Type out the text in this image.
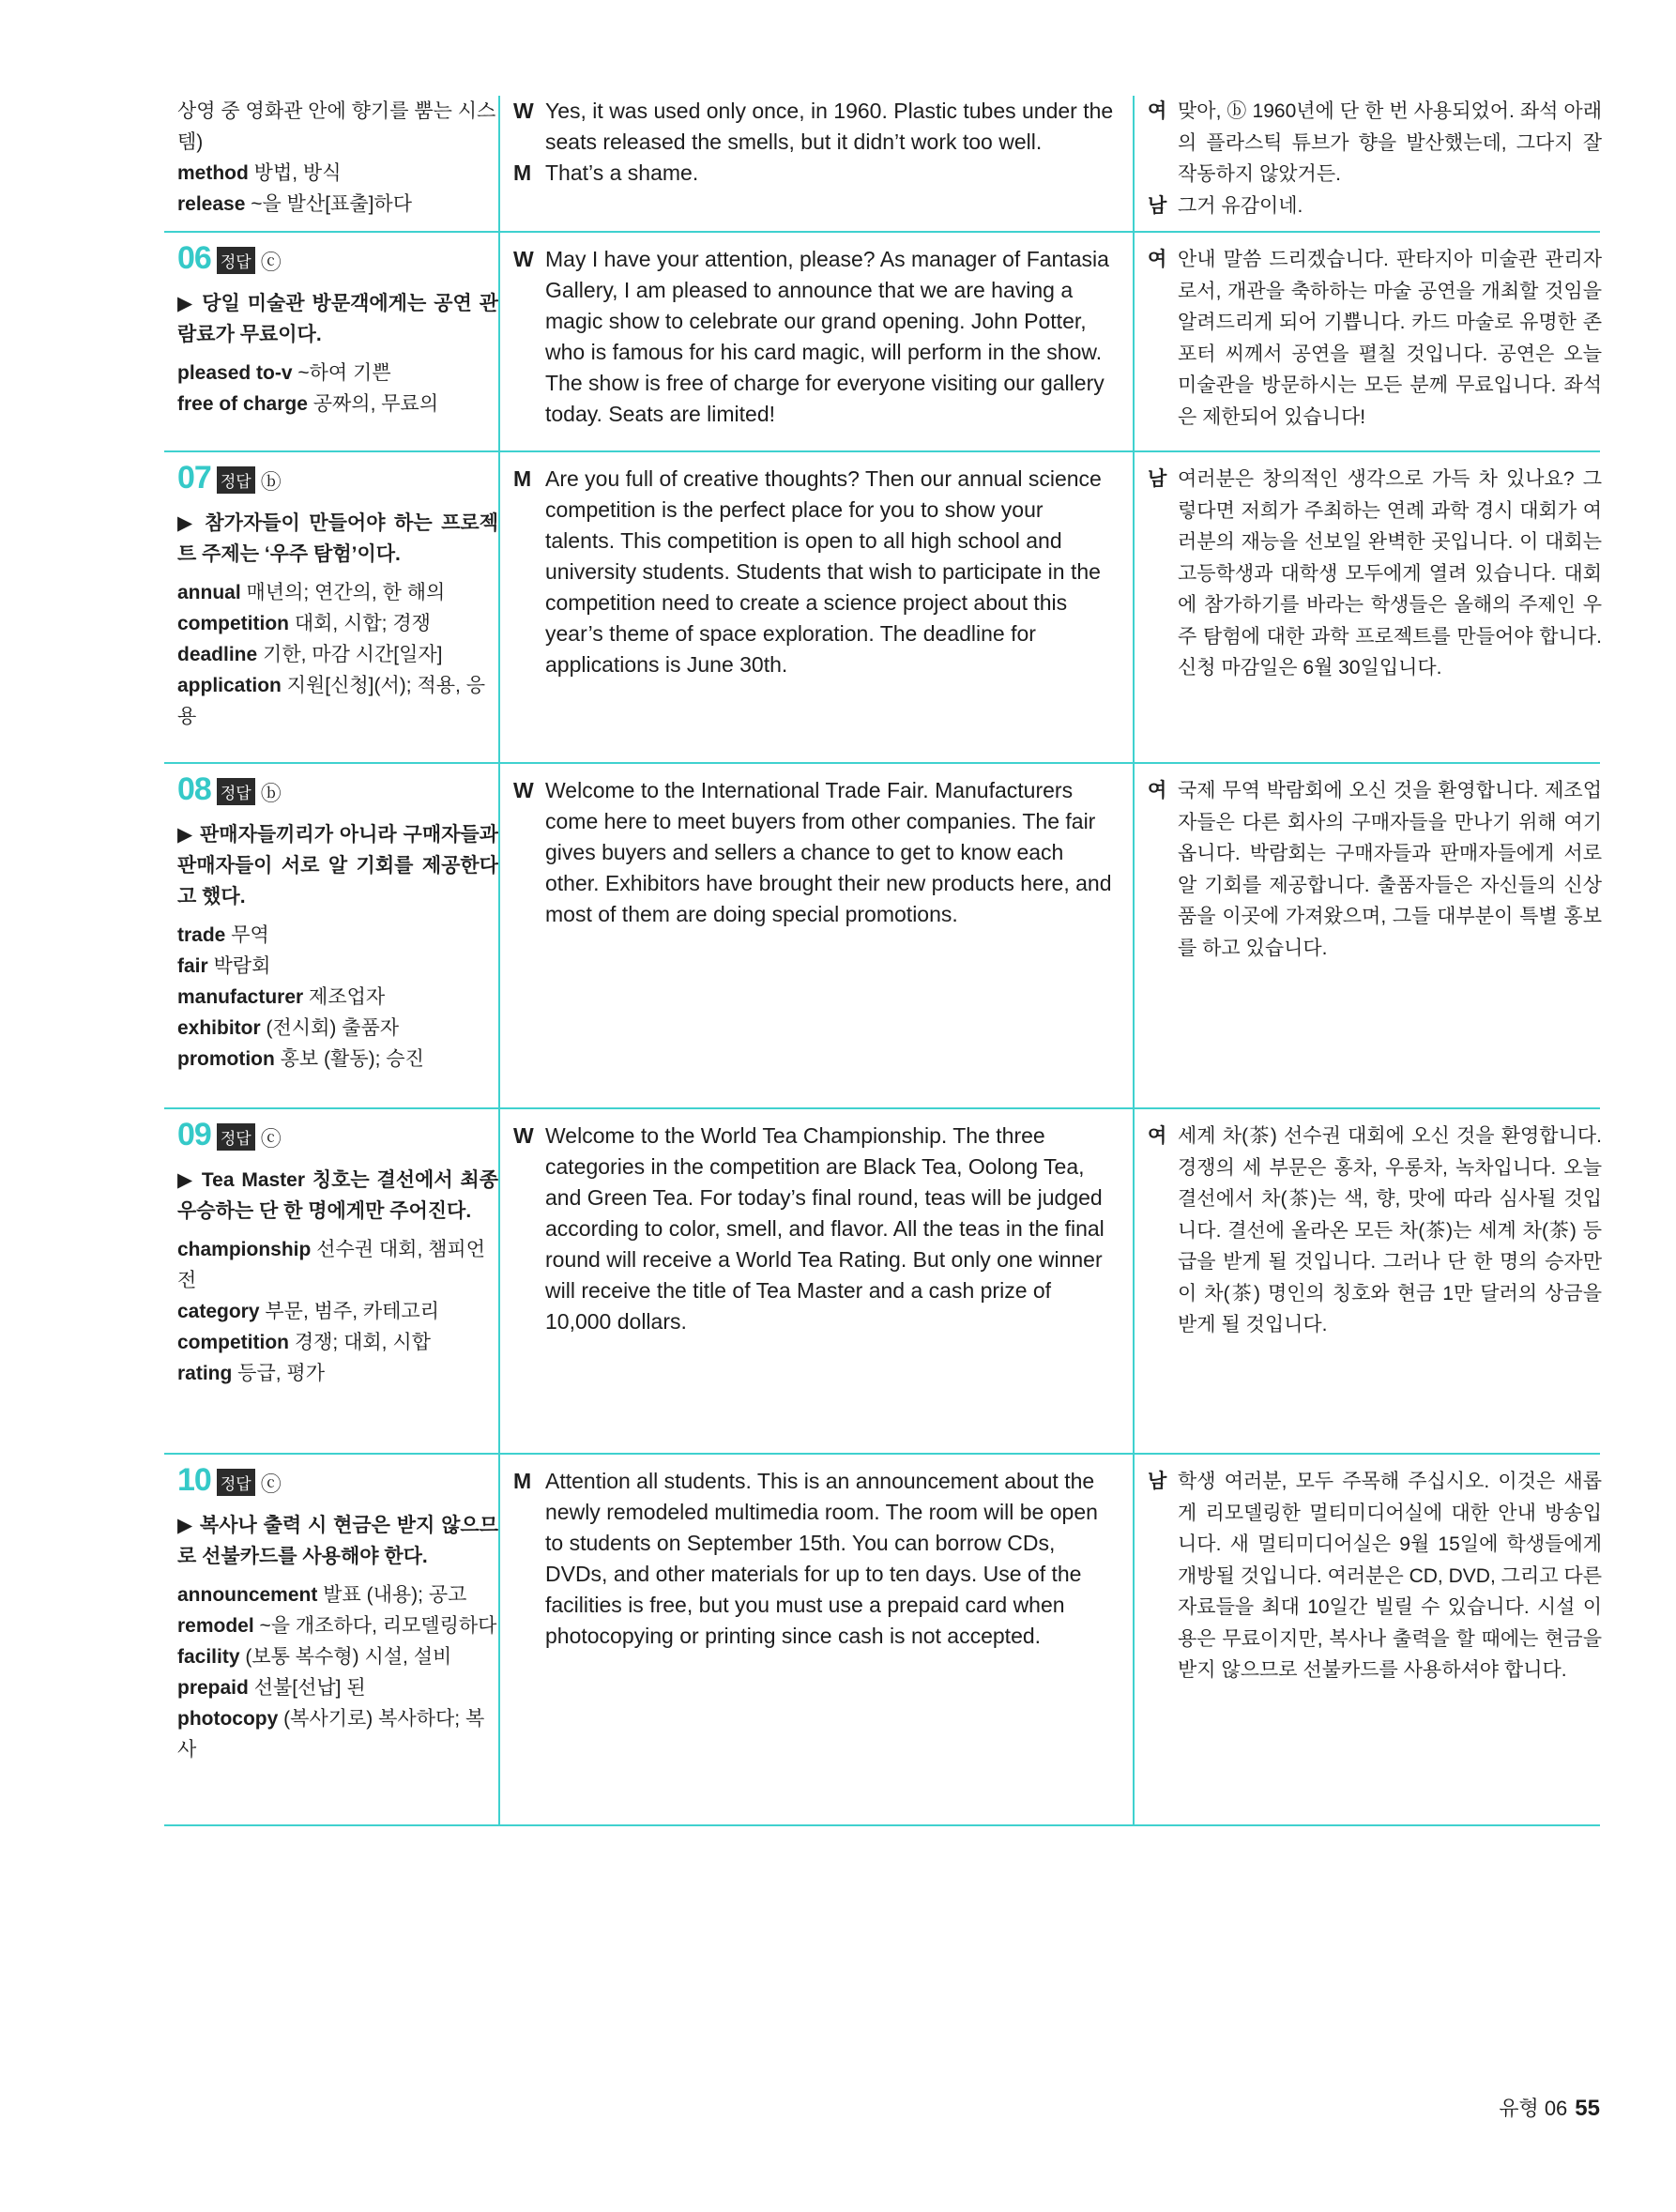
상영 중 영화관 안에 향기를 뿜는 시스템)
method 방법, 방식
release ~을 발산[표출]하다
W Yes, it was used only once, in 1960. Plastic tubes under the seats released the smells, but it didn’t work too well.
M That’s a shame.
여 맞아, ⓑ 1960년에 단 한 번 사용되었어. 좌석 아래의 플라스틱 튜브가 향을 발산했는데, 그다지 잘 작동하지 않았거든.
남 그거 유감이네.
06 정답 ⓒ
▶ 당일 미술관 방문객에게는 공연 관람료가 무료이다.
pleased to-v ~하여 기쁜
free of charge 공짜의, 무료의
W May I have your attention, please? As manager of Fantasia Gallery, I am pleased to announce that we are having a magic show to celebrate our grand opening. John Potter, who is famous for his card magic, will perform in the show. The show is free of charge for everyone visiting our gallery today. Seats are limited!
여 안내 말씀 드리겠습니다. 판타지아 미술관 관리자로서, 개관을 축하하는 마술 공연을 개최할 것임을 알려드리게 되어 기쁩니다. 카드 마술로 유명한 존 포터 씨께서 공연을 펼칠 것입니다. 공연은 오늘 미술관을 방문하시는 모든 분께 무료입니다. 좌석은 제한되어 있습니다!
07 정답 ⓑ
▶ 참가자들이 만들어야 하는 프로젝트 주제는 ‘우주 탐험’이다.
annual 매년의; 연간의, 한 해의
competition 대회, 시합; 경쟁
deadline 기한, 마감 시간[일자]
application 지원[신청](서); 적용, 응용
M Are you full of creative thoughts? Then our annual science competition is the perfect place for you to show your talents. This competition is open to all high school and university students. Students that wish to participate in the competition need to create a science project about this year’s theme of space exploration. The deadline for applications is June 30th.
남 여러분은 창의적인 생각으로 가득 차 있나요? 그렇다면 저희가 주최하는 연례 과학 경시 대회가 여러분의 재능을 선보일 완벽한 곳입니다. 이 대회는 고등학생과 대학생 모두에게 열려 있습니다. 대회에 참가하기를 바라는 학생들은 올해의 주제인 우주 탐험에 대한 과학 프로젝트를 만들어야 합니다. 신청 마감일은 6월 30일입니다.
08 정답 ⓑ
▶ 판매자들끼리가 아니라 구매자들과 판매자들이 서로 알 기회를 제공한다고 했다.
trade 무역
fair 박람회
manufacturer 제조업자
exhibitor (전시회) 출품자
promotion 홍보 (활동); 승진
W Welcome to the International Trade Fair. Manufacturers come here to meet buyers from other companies. The fair gives buyers and sellers a chance to get to know each other. Exhibitors have brought their new products here, and most of them are doing special promotions.
여 국제 무역 박람회에 오신 것을 환영합니다. 제조업자들은 다른 회사의 구매자들을 만나기 위해 여기 옵니다. 박람회는 구매자들과 판매자들에게 서로 알 기회를 제공합니다. 출품자들은 자신들의 신상품을 이곳에 가져왔으며, 그들 대부분이 특별 홍보를 하고 있습니다.
09 정답 ⓒ
▶ Tea Master 칭호는 결선에서 최종 우승하는 단 한 명에게만 주어진다.
championship 선수권 대회, 챔피언전
category 부문, 범주, 카테고리
competition 경쟁; 대회, 시합
rating 등급, 평가
W Welcome to the World Tea Championship. The three categories in the competition are Black Tea, Oolong Tea, and Green Tea. For today’s final round, teas will be judged according to color, smell, and flavor. All the teas in the final round will receive a World Tea Rating. But only one winner will receive the title of Tea Master and a cash prize of 10,000 dollars.
여 세계 차(茶) 선수권 대회에 오신 것을 환영합니다. 경쟁의 세 부문은 홍차, 우롱차, 녹차입니다. 오늘 결선에서 차(茶)는 색, 향, 맛에 따라 심사될 것입니다. 결선에 올라온 모든 차(茶)는 세계 차(茶) 등급을 받게 될 것입니다. 그러나 단 한 명의 승자만이 차(茶) 명인의 칭호와 현금 1만 달러의 상금을 받게 될 것입니다.
10 정답 ⓒ
▶ 복사나 출력 시 현금은 받지 않으므로 선불카드를 사용해야 한다.
announcement 발표 (내용); 공고
remodel ~을 개조하다, 리모델링하다
facility (보통 복수형) 시설, 설비
prepaid 선불[선납] 된
photocopy (복사기로) 복사하다; 복사
M Attention all students. This is an announcement about the newly remodeled multimedia room. The room will be open to students on September 15th. You can borrow CDs, DVDs, and other materials for up to ten days. Use of the facilities is free, but you must use a prepaid card when photocopying or printing since cash is not accepted.
남 학생 여러분, 모두 주목해 주십시오. 이것은 새롭게 리모델링한 멀티미디어실에 대한 안내 방송입니다. 새 멀티미디어실은 9월 15일에 학생들에게 개방될 것입니다. 여러분은 CD, DVD, 그리고 다른 자료들을 최대 10일간 빌릴 수 있습니다. 시설 이용은 무료이지만, 복사나 출력을 할 때에는 현금을 받지 않으므로 선불카드를 사용하셔야 합니다.
유형 06 55
